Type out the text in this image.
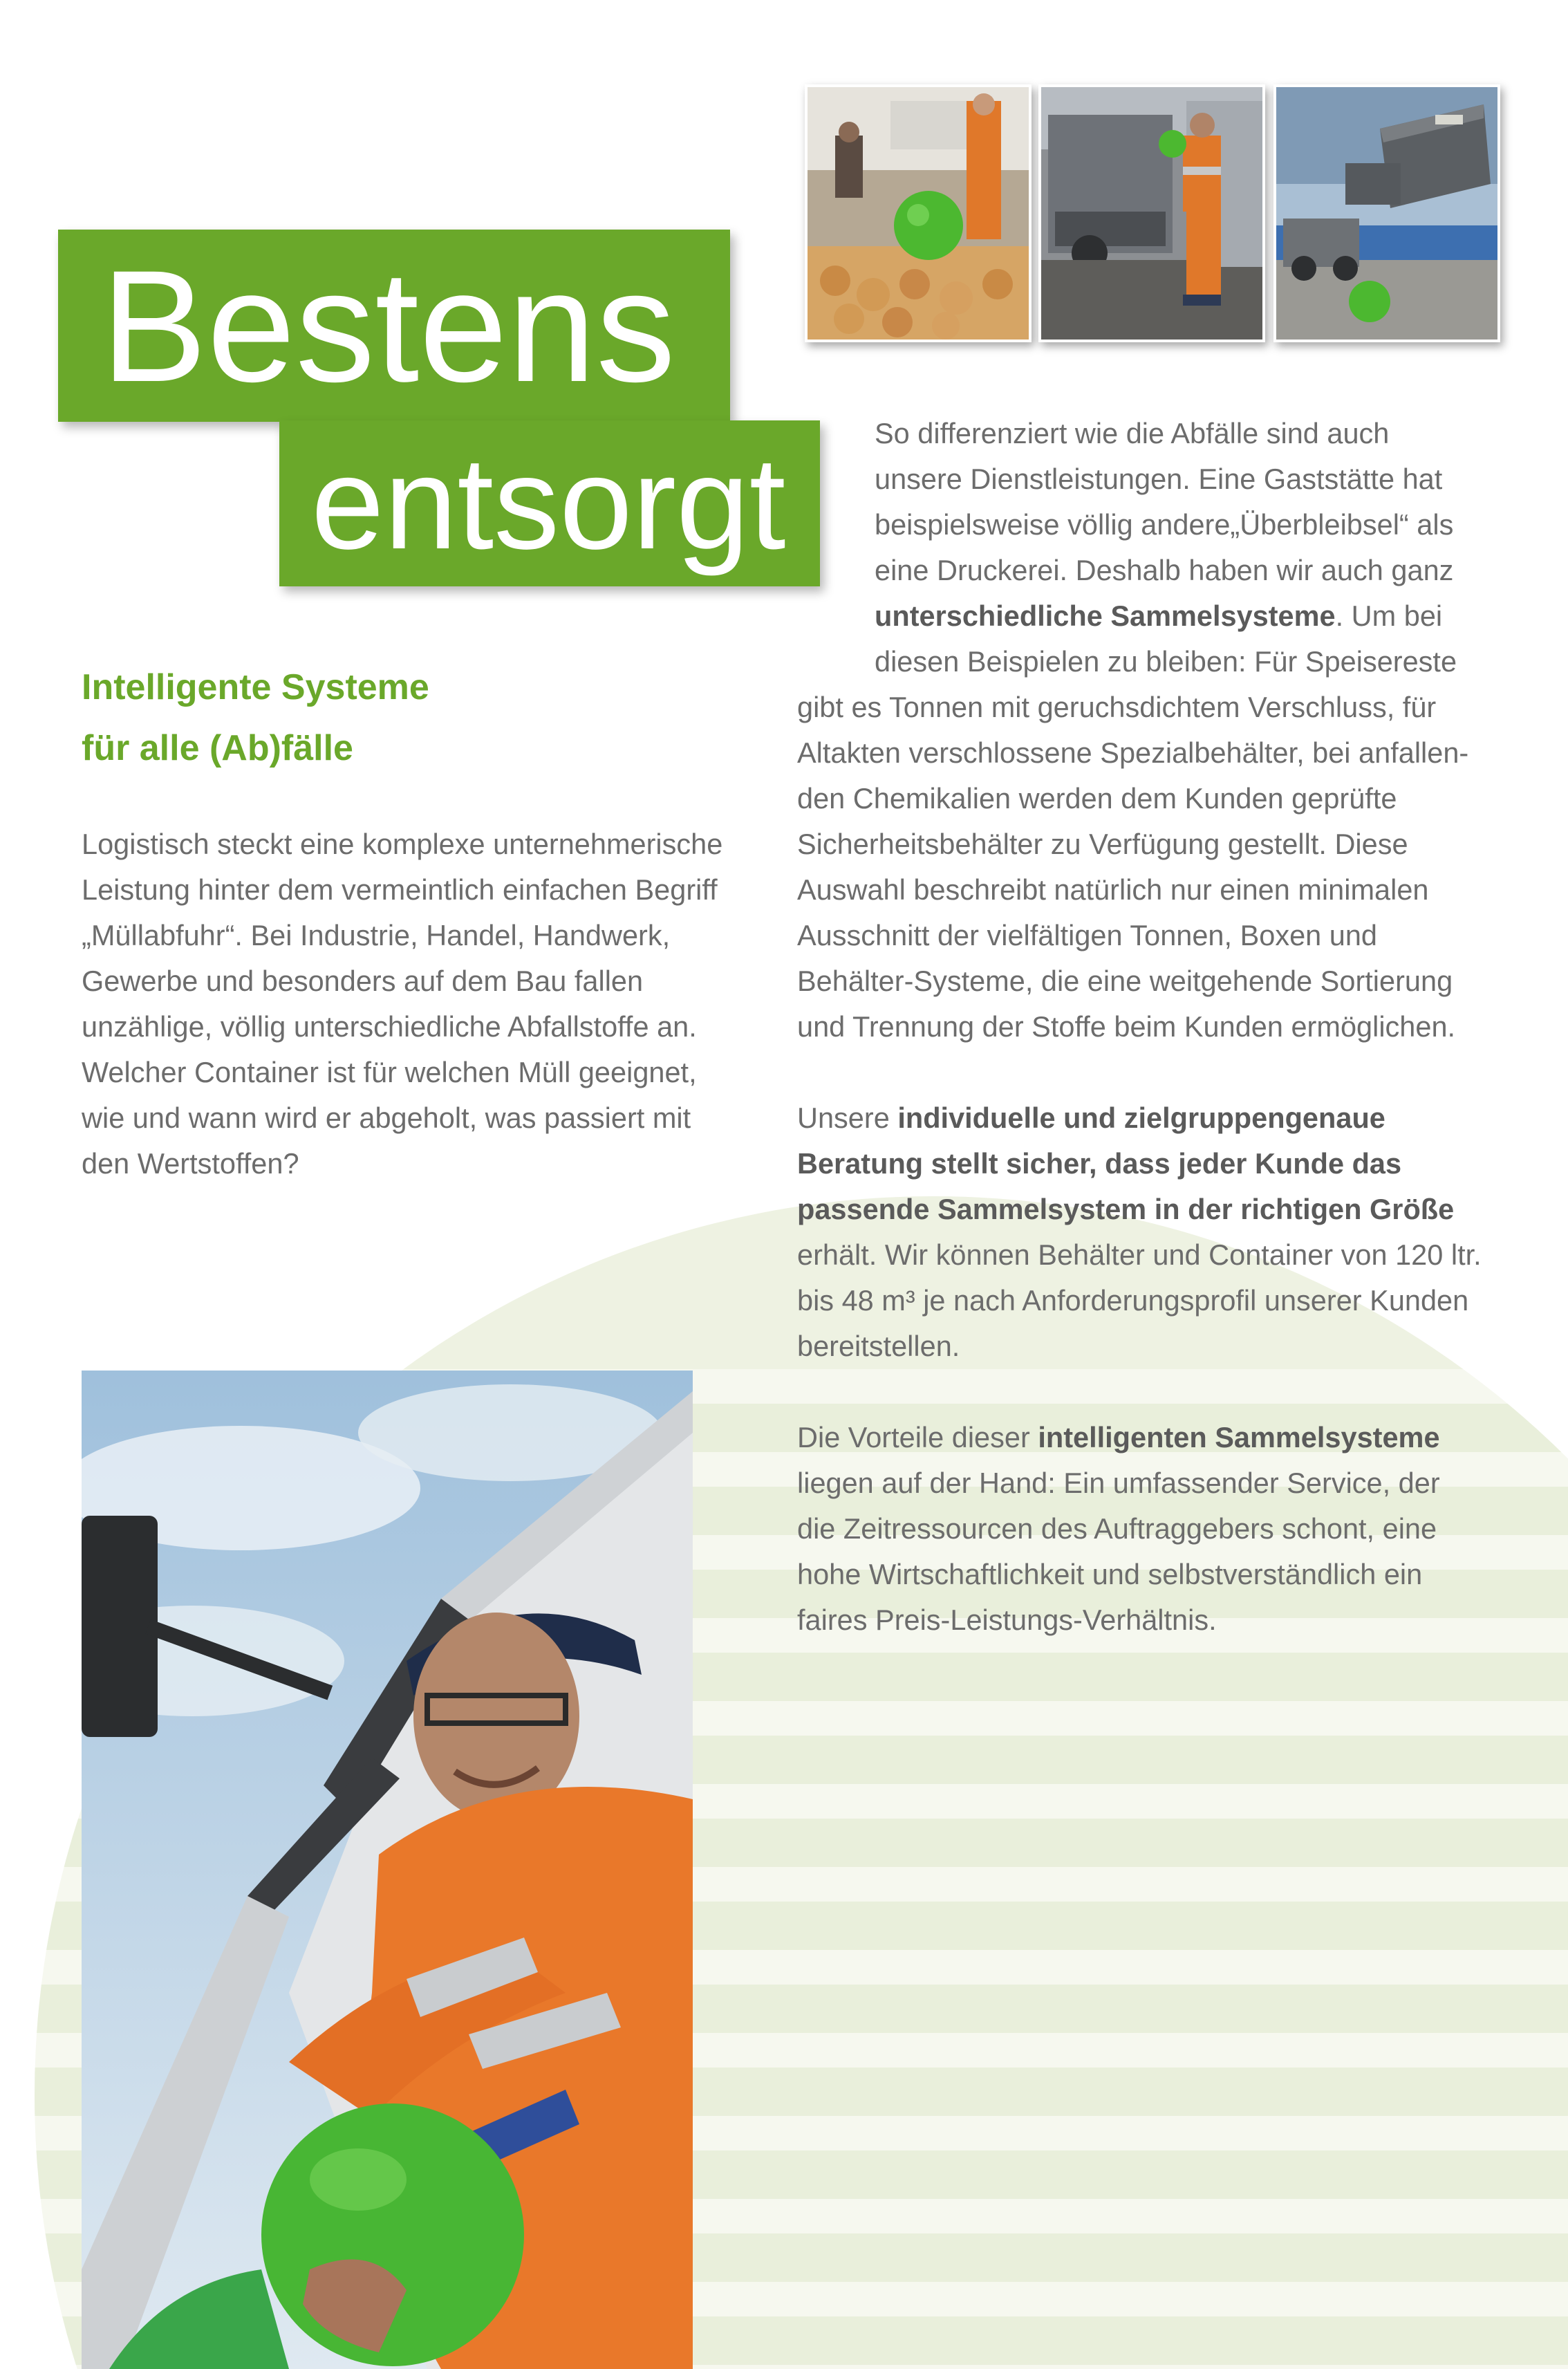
Bestens
entsorgt
Intelligente Systeme
für alle (Ab)fälle
Logistisch steckt eine komplexe unternehmerische
Leistung hinter dem vermeintlich einfachen Begriff
„Müllabfuhr“. Bei Industrie, Handel, Handwerk,
Gewerbe und besonders auf dem Bau fallen
unzählige, völlig unterschiedliche Abfallstoffe an.
Welcher Container ist für welchen Müll geeignet,
wie und wann wird er abgeholt, was passiert mit
den Wertstoffen?
So differenziert wie die Abfälle sind auch
unsere Dienstleistungen. Eine Gaststätte hat
beispielsweise völlig andere„Überbleibsel“ als
eine Druckerei. Deshalb haben wir auch ganz
unterschiedliche Sammelsysteme. Um bei
diesen Beispielen zu bleiben: Für Speisereste
gibt es Tonnen mit geruchsdichtem Verschluss, für
Altakten verschlossene Spezialbehälter, bei anfallen-
den Chemikalien werden dem Kunden geprüfte
Sicherheitsbehälter zu Verfügung gestellt. Diese
Auswahl beschreibt natürlich nur einen minimalen
Ausschnitt der vielfältigen Tonnen, Boxen und
Behälter-Systeme, die eine weitgehende Sortierung
und Trennung der Stoffe beim Kunden ermöglichen.
Unsere individuelle und zielgruppengenaue
Beratung stellt sicher, dass jeder Kunde das
passende Sammelsystem in der richtigen Größe
erhält. Wir können Behälter und Container von 120 ltr.
bis 48 m³ je nach Anforderungsprofil unserer Kunden
bereitstellen.
Die Vorteile dieser intelligenten Sammelsysteme
liegen auf der Hand: Ein umfassender Service, der
die Zeitressourcen des Auftraggebers schont, eine
hohe Wirtschaftlichkeit und selbstverständlich ein
faires Preis-Leistungs-Verhältnis.
